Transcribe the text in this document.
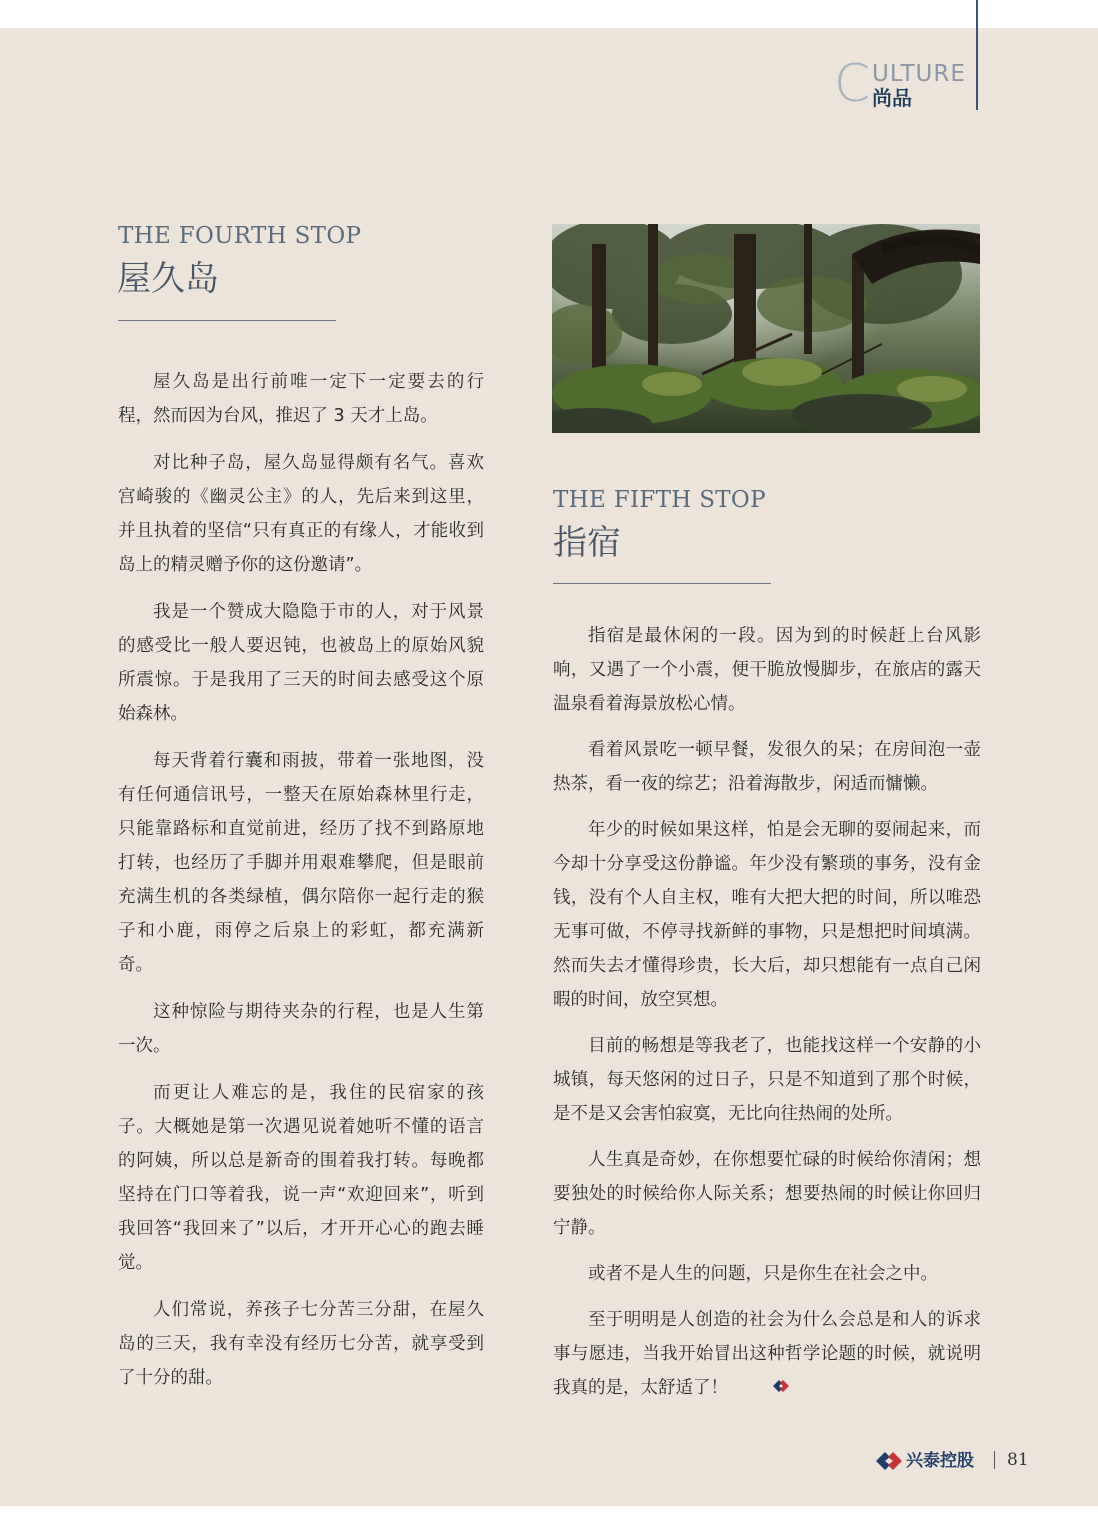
C ULTURE
尚品
THE FOURTH STOP
屋久岛

屋久岛是出行前唯一定下一定要去的行程，然而因为台风，推迟了 3 天才上岛。

对比种子岛，屋久岛显得颇有名气。喜欢宫崎骏的《幽灵公主》的人，先后来到这里，并且执着的坚信“只有真正的有缘人，才能收到岛上的精灵赠予你的这份邀请”。

我是一个赞成大隐隐于市的人，对于风景的感受比一般人要迟钝，也被岛上的原始风貌所震惊。于是我用了三天的时间去感受这个原始森林。

每天背着行囊和雨披，带着一张地图，没有任何通信讯号，一整天在原始森林里行走，只能靠路标和直觉前进，经历了找不到路原地打转，也经历了手脚并用艰难攀爬，但是眼前充满生机的各类绿植，偶尔陪你一起行走的猴子和小鹿，雨停之后泉上的彩虹，都充满新奇。

这种惊险与期待夹杂的行程，也是人生第一次。

而更让人难忘的是，我住的民宿家的孩子。大概她是第一次遇见说着她听不懂的语言的阿姨，所以总是新奇的围着我打转。每晚都坚持在门口等着我，说一声“欢迎回来”，听到我回答“我回来了”以后，才开开心心的跑去睡觉。

人们常说，养孩子七分苦三分甜，在屋久岛的三天，我有幸没有经历七分苦，就享受到了十分的甜。

THE FIFTH STOP
指宿

指宿是最休闲的一段。因为到的时候赶上台风影响，又遇了一个小震，便干脆放慢脚步，在旅店的露天温泉看着海景放松心情。

看着风景吃一顿早餐，发很久的呆；在房间泡一壶热茶，看一夜的综艺；沿着海散步，闲适而慵懒。

年少的时候如果这样，怕是会无聊的耍闹起来，而今却十分享受这份静谧。年少没有繁琐的事务，没有金钱，没有个人自主权，唯有大把大把的时间，所以唯恐无事可做，不停寻找新鲜的事物，只是想把时间填满。然而失去才懂得珍贵，长大后，却只想能有一点自己闲暇的时间，放空冥想。

目前的畅想是等我老了，也能找这样一个安静的小城镇，每天悠闲的过日子，只是不知道到了那个时候，是不是又会害怕寂寞，无比向往热闹的处所。

人生真是奇妙，在你想要忙碌的时候给你清闲；想要独处的时候给你人际关系；想要热闹的时候让你回归宁静。

或者不是人生的问题，只是你生在社会之中。

至于明明是人创造的社会为什么会总是和人的诉求事与愿违，当我开始冒出这种哲学论题的时候，就说明我真的是，太舒适了！

兴泰控股 81
